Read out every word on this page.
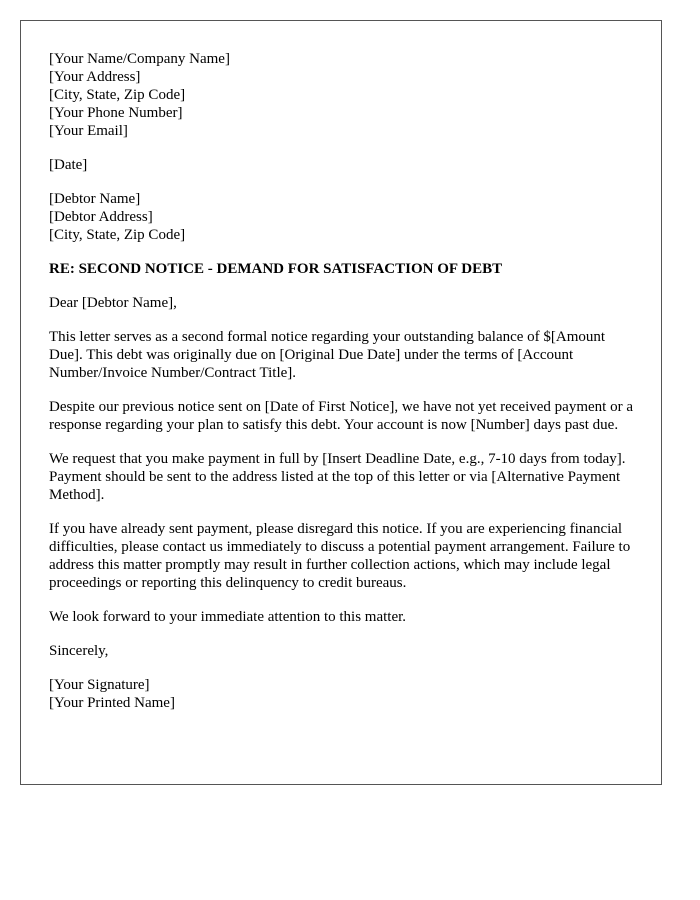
[Your Name/Company Name]
[Your Address]
[City, State, Zip Code]
[Your Phone Number]
[Your Email]
[Date]
[Debtor Name]
[Debtor Address]
[City, State, Zip Code]
RE: SECOND NOTICE - DEMAND FOR SATISFACTION OF DEBT
Dear [Debtor Name],
This letter serves as a second formal notice regarding your outstanding balance of $[Amount Due]. This debt was originally due on [Original Due Date] under the terms of [Account Number/Invoice Number/Contract Title].
Despite our previous notice sent on [Date of First Notice], we have not yet received payment or a response regarding your plan to satisfy this debt. Your account is now [Number] days past due.
We request that you make payment in full by [Insert Deadline Date, e.g., 7-10 days from today]. Payment should be sent to the address listed at the top of this letter or via [Alternative Payment Method].
If you have already sent payment, please disregard this notice. If you are experiencing financial difficulties, please contact us immediately to discuss a potential payment arrangement. Failure to address this matter promptly may result in further collection actions, which may include legal proceedings or reporting this delinquency to credit bureaus.
We look forward to your immediate attention to this matter.
Sincerely,
[Your Signature]
[Your Printed Name]
